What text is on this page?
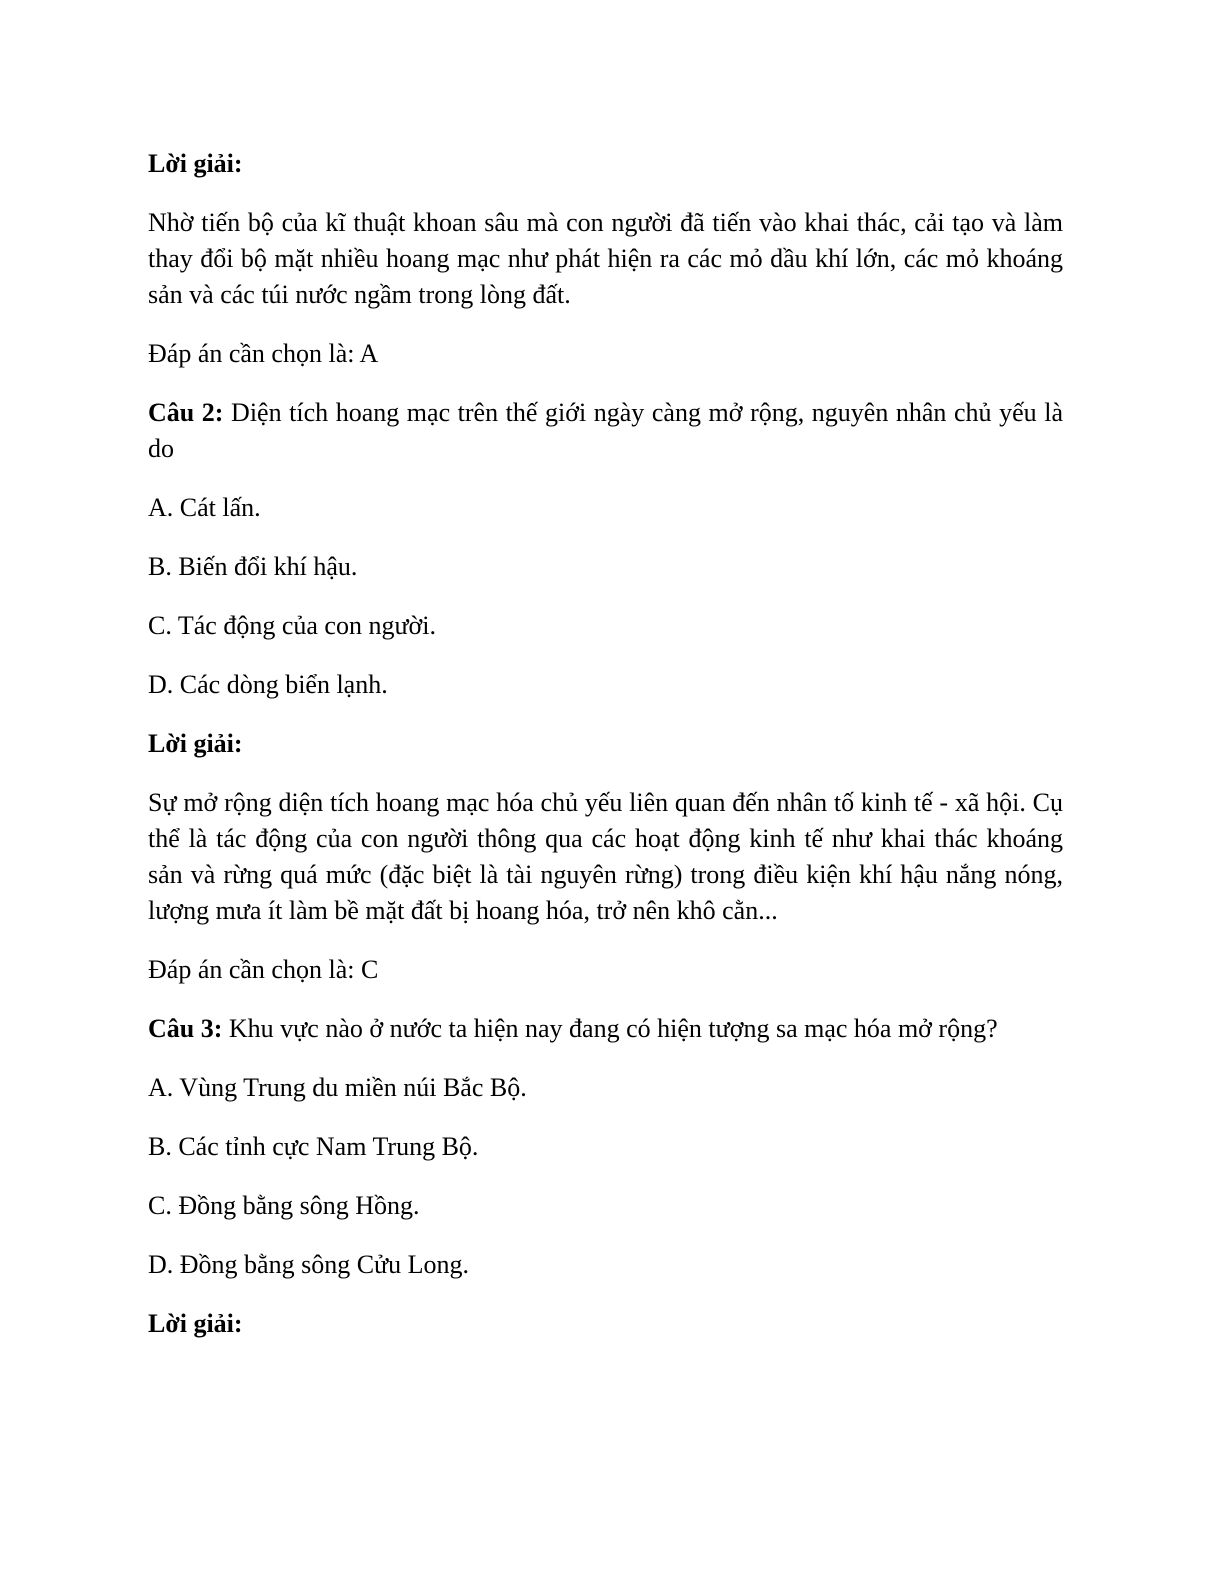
Lời giải:

Nhờ tiến bộ của kĩ thuật khoan sâu mà con người đã tiến vào khai thác, cải tạo và làm thay đổi bộ mặt nhiều hoang mạc như phát hiện ra các mỏ dầu khí lớn, các mỏ khoáng sản và các túi nước ngầm trong lòng đất.

Đáp án cần chọn là: A

Câu 2: Diện tích hoang mạc trên thế giới ngày càng mở rộng, nguyên nhân chủ yếu là do

A. Cát lấn.

B. Biến đổi khí hậu.

C. Tác động của con người.

D. Các dòng biển lạnh.

Lời giải:

Sự mở rộng diện tích hoang mạc hóa chủ yếu liên quan đến nhân tố kinh tế - xã hội. Cụ thể là tác động của con người thông qua các hoạt động kinh tế như khai thác khoáng sản và rừng quá mức (đặc biệt là tài nguyên rừng) trong điều kiện khí hậu nắng nóng, lượng mưa ít làm bề mặt đất bị hoang hóa, trở nên khô cằn...

Đáp án cần chọn là: C

Câu 3: Khu vực nào ở nước ta hiện nay đang có hiện tượng sa mạc hóa mở rộng?

A. Vùng Trung du miền núi Bắc Bộ.

B. Các tỉnh cực Nam Trung Bộ.

C. Đồng bằng sông Hồng.

D. Đồng bằng sông Cửu Long.

Lời giải:
